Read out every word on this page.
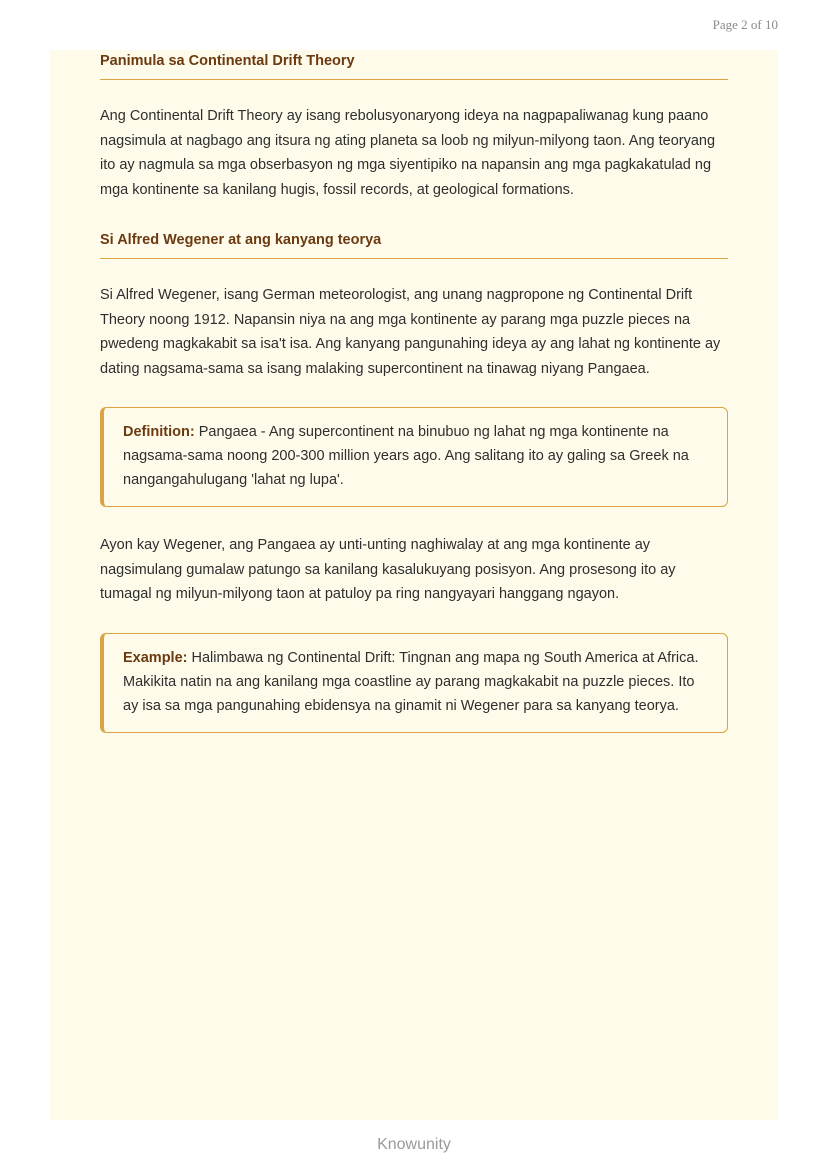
Page 2 of 10
Panimula sa Continental Drift Theory

Ang Continental Drift Theory ay isang rebolusyonaryong ideya na nagpapaliwanag kung paano nagsimula at nagbago ang itsura ng ating planeta sa loob ng milyun-milyong taon. Ang teoryang ito ay nagmula sa mga obserbasyon ng mga siyentipiko na napansin ang mga pagkakatulad ng mga kontinente sa kanilang hugis, fossil records, at geological formations.

Si Alfred Wegener at ang kanyang teorya

Si Alfred Wegener, isang German meteorologist, ang unang nagpropone ng Continental Drift Theory noong 1912. Napansin niya na ang mga kontinente ay parang mga puzzle pieces na pwedeng magkakabit sa isa't isa. Ang kanyang pangunahing ideya ay ang lahat ng kontinente ay dating nagsama-sama sa isang malaking supercontinent na tinawag niyang Pangaea.

Definition: Pangaea - Ang supercontinent na binubuo ng lahat ng mga kontinente na nagsama-sama noong 200-300 million years ago. Ang salitang ito ay galing sa Greek na nangangahulugang 'lahat ng lupa'.

Ayon kay Wegener, ang Pangaea ay unti-unting naghiwalay at ang mga kontinente ay nagsimulang gumalaw patungo sa kanilang kasalukuyang posisyon. Ang prosesong ito ay tumagal ng milyun-milyong taon at patuloy pa ring nangyayari hanggang ngayon.

Example: Halimbawa ng Continental Drift: Tingnan ang mapa ng South America at Africa. Makikita natin na ang kanilang mga coastline ay parang magkakabit na puzzle pieces. Ito ay isa sa mga pangunahing ebidensya na ginamit ni Wegener para sa kanyang teorya.
Knowunity
